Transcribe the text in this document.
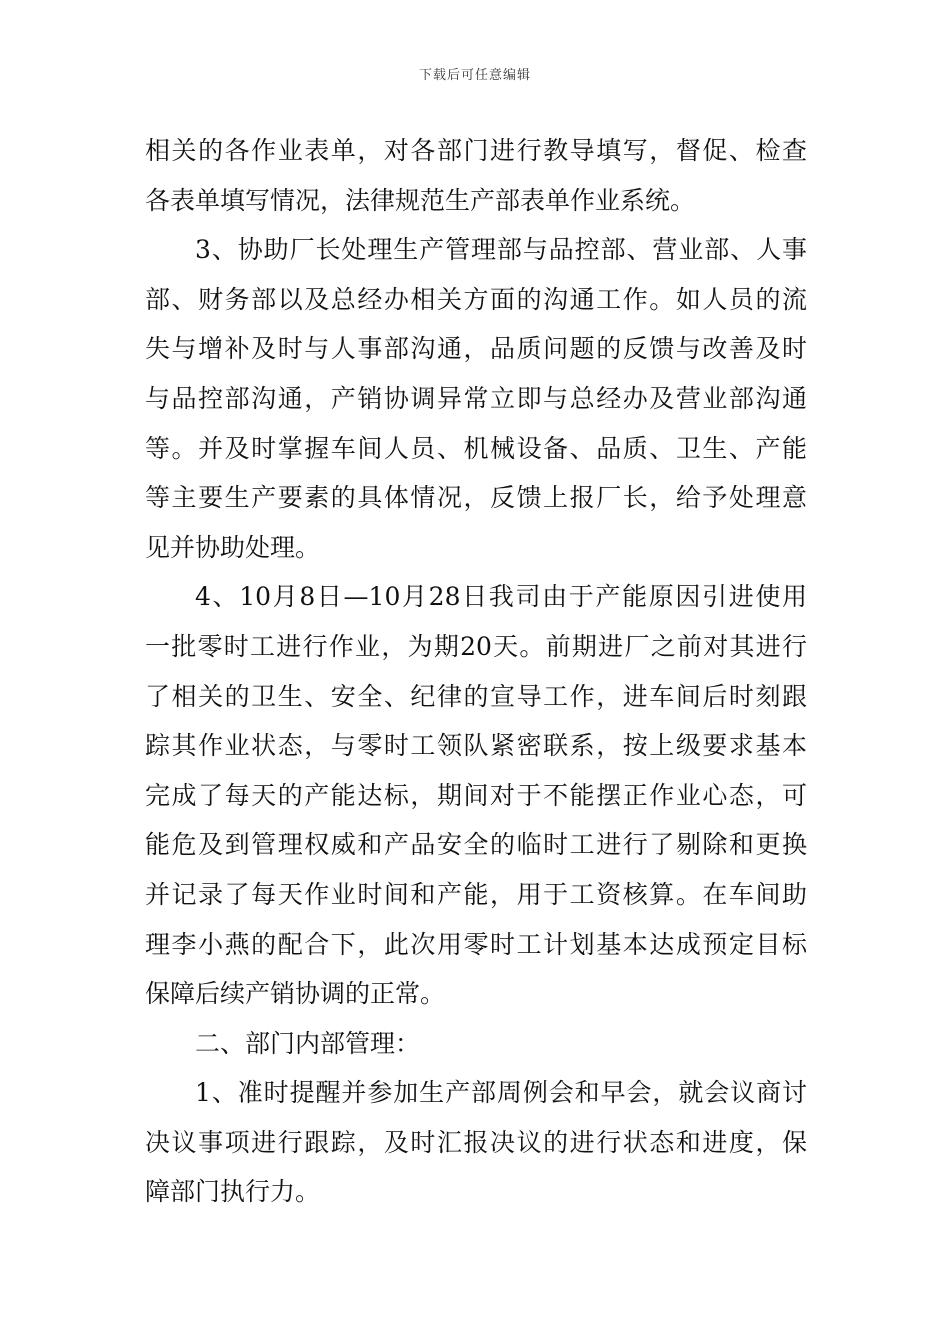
下载后可任意编辑
相关的各作业表单，对各部门进行教导填写，督促、检查
各表单填写情况，法律规范生产部表单作业系统。
3、协助厂长处理生产管理部与品控部、营业部、人事
部、财务部以及总经办相关方面的沟通工作。如人员的流
失与增补及时与人事部沟通，品质问题的反馈与改善及时
与品控部沟通，产销协调异常立即与总经办及营业部沟通
等。并及时掌握车间人员、机械设备、品质、卫生、产能
等主要生产要素的具体情况，反馈上报厂长，给予处理意
见并协助处理。
4、10月8日—10月28日我司由于产能原因引进使用
一批零时工进行作业，为期20天。前期进厂之前对其进行
了相关的卫生、安全、纪律的宣导工作，进车间后时刻跟
踪其作业状态，与零时工领队紧密联系，按上级要求基本
完成了每天的产能达标，期间对于不能摆正作业心态，可
能危及到管理权威和产品安全的临时工进行了剔除和更换
并记录了每天作业时间和产能，用于工资核算。在车间助
理李小燕的配合下，此次用零时工计划基本达成预定目标
保障后续产销协调的正常。
二、部门内部管理：
1、准时提醒并参加生产部周例会和早会，就会议商讨
决议事项进行跟踪，及时汇报决议的进行状态和进度，保
障部门执行力。
